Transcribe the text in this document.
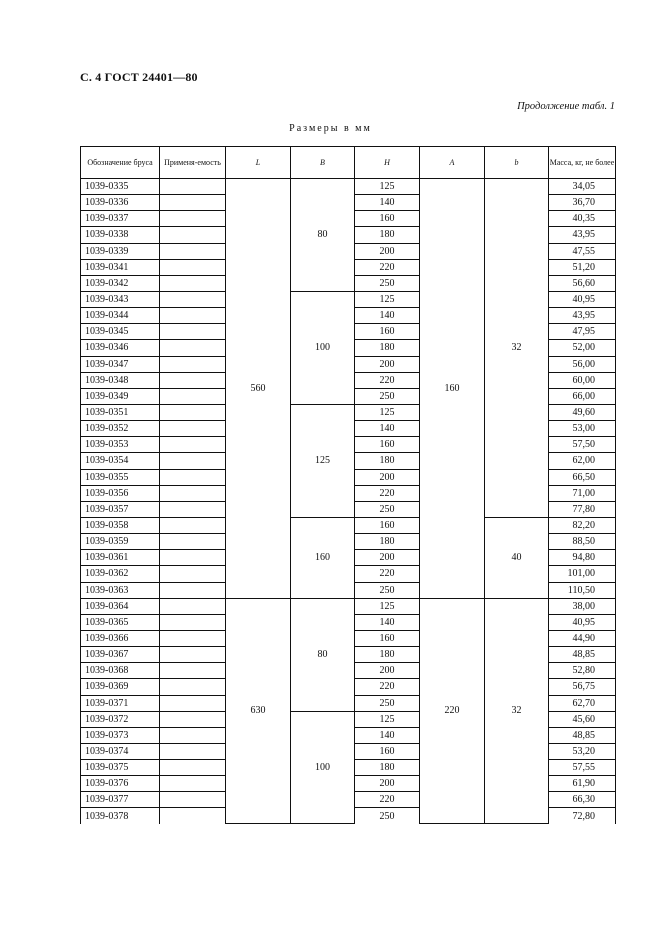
С. 4 ГОСТ 24401—80
Продолжение табл. 1
Размеры в мм
Обозначение бруса	Применя-емость	L	B	H	A	b	Масса, кг, не более
1039-0335		560	80	125	160	32	34,05
1039-0336				140			36,70
1039-0337				160			40,35
1039-0338				180			43,95
1039-0339				200			47,55
1039-0341				220			51,20
1039-0342				250			56,60
1039-0343			100	125			40,95
1039-0344				140			43,95
1039-0345				160			47,95
1039-0346				180			52,00
1039-0347				200			56,00
1039-0348				220			60,00
1039-0349				250			66,00
1039-0351			125	125			49,60
1039-0352				140			53,00
1039-0353				160			57,50
1039-0354				180			62,00
1039-0355				200			66,50
1039-0356				220			71,00
1039-0357				250			77,80
1039-0358			160	160		40	82,20
1039-0359				180			88,50
1039-0361				200			94,80
1039-0362				220			101,00
1039-0363				250			110,50
1039-0364		630	80	125	220	32	38,00
1039-0365				140			40,95
1039-0366				160			44,90
1039-0367				180			48,85
1039-0368				200			52,80
1039-0369				220			56,75
1039-0371				250			62,70
1039-0372			100	125			45,60
1039-0373				140			48,85
1039-0374				160			53,20
1039-0375				180			57,55
1039-0376				200			61,90
1039-0377				220			66,30
1039-0378				250			72,80
